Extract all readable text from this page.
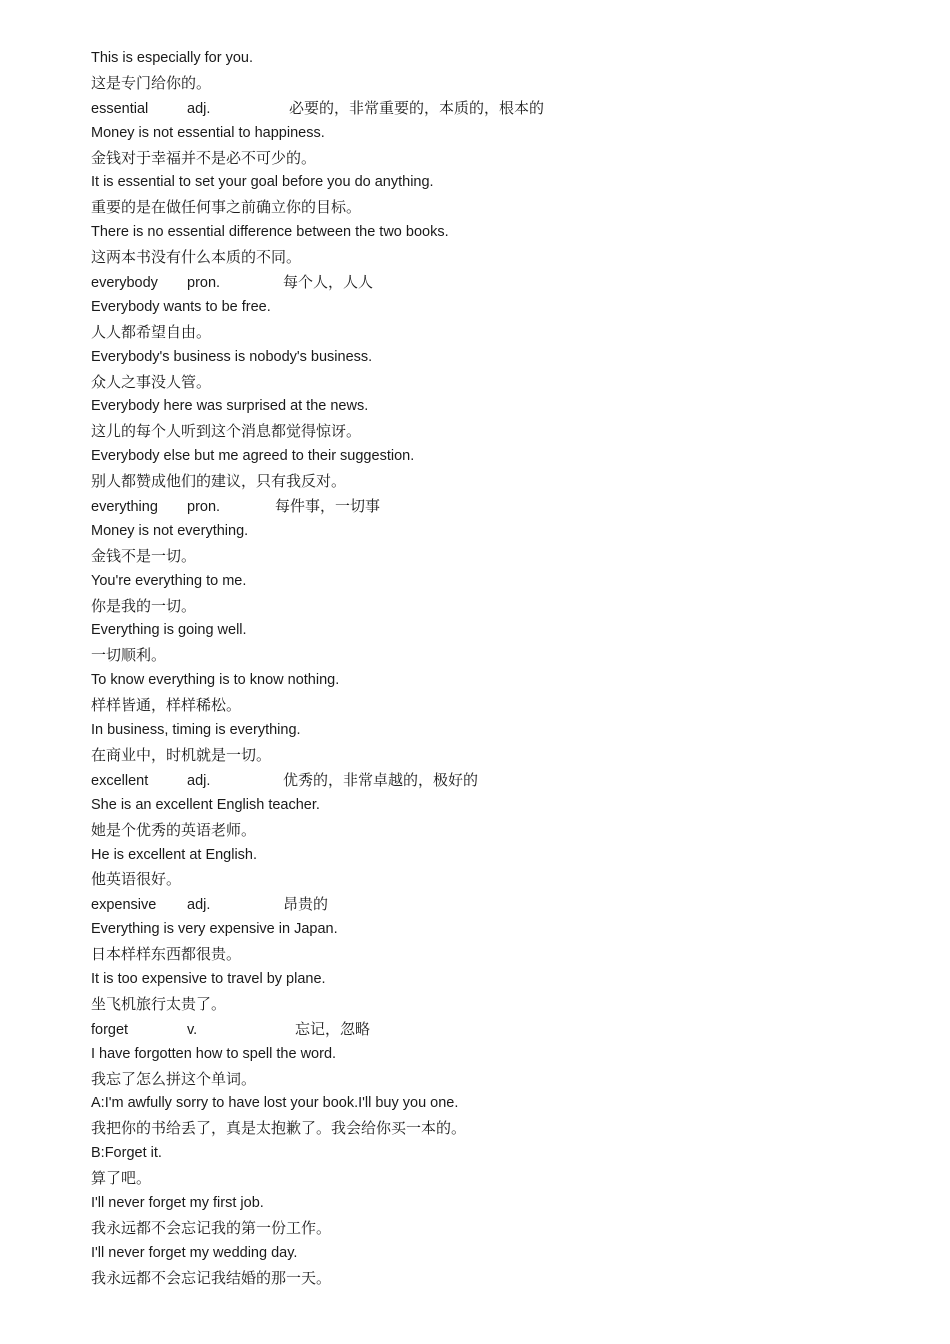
This is especially for you.
这是专门给你的。
essential	adj.	必要的，非常重要的，本质的，根本的
Money is not essential to happiness.
金钱对于幸福并不是必不可少的。
It is essential to set your goal before you do anything.
重要的是在做任何事之前确立你的目标。
There is no essential difference between the two books.
这两本书没有什么本质的不同。
everybody pron.	每个人，人人
Everybody wants to be free.
人人都希望自由。
Everybody's business is nobody's business.
众人之事没人管。
Everybody here was surprised at the news.
这儿的每个人听到这个消息都觉得惊讶。
Everybody else but me agreed to their suggestion.
别人都赞成他们的建议，只有我反对。
everything pron.	每件事，一切事
Money is not everything.
金钱不是一切。
You're everything to me.
你是我的一切。
Everything is going well.
一切顺利。
To know everything is to know nothing.
样样皆通，样样稀松。
In business, timing is everything.
在商业中，时机就是一切。
excellent	adj.	优秀的，非常卓越的，极好的
She is an excellent English teacher.
她是个优秀的英语老师。
He is excellent at English.
他英语很好。
expensive adj.	昂贵的
Everything is very expensive in Japan.
日本样样东西都很贵。
It is too expensive to travel by plane.
坐飞机旅行太贵了。
forget	v.	忘记，忽略
I have forgotten how to spell the word.
我忘了怎么拼这个单词。
A:I'm awfully sorry to have lost your book.I'll buy you one.
我把你的书给丢了，真是太抱歉了。我会给你买一本的。
B:Forget it.
算了吧。
I'll never forget my first job.
我永远都不会忘记我的第一份工作。
I'll never forget my wedding day.
我永远都不会忘记我结婚的那一天。
